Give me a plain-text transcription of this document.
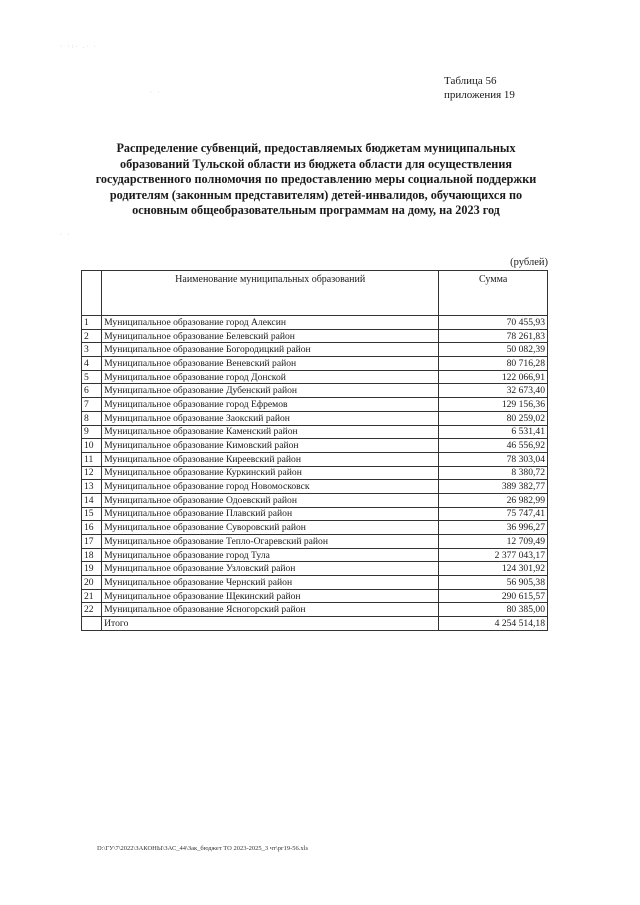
· ·:· .· ·
· ·
· ·
Таблица 56
приложения 19
Распределение субвенций, предоставляемых бюджетам муниципальных
образований Тульской области из бюджета области для осуществления
государственного полномочия по предоставлению меры социальной поддержки
родителям (законным представителям) детей-инвалидов, обучающихся по
основным общеобразовательным программам на дому, на 2023 год
(рублей)
	Наименование муниципальных образований	Сумма
1	Муниципальное образование город Алексин	70 455,93
2	Муниципальное образование Белевский район	78 261,83
3	Муниципальное образование Богородицкий район	50 082,39
4	Муниципальное образование Веневский район	80 716,28
5	Муниципальное образование город Донской	122 066,91
6	Муниципальное образование Дубенский район	32 673,40
7	Муниципальное образование город Ефремов	129 156,36
8	Муниципальное образование Заокский район	80 259,02
9	Муниципальное образование Каменский район	6 531,41
10	Муниципальное образование Кимовский район	46 556,92
11	Муниципальное образование Киреевский район	78 303,04
12	Муниципальное образование Куркинский район	8 380,72
13	Муниципальное образование город Новомосковск	389 382,77
14	Муниципальное образование Одоевский район	26 982,99
15	Муниципальное образование Плавский район	75 747,41
16	Муниципальное образование Суворовский район	36 996,27
17	Муниципальное образование Тепло-Огаревский район	12 709,49
18	Муниципальное образование город Тула	2 377 043,17
19	Муниципальное образование Узловский район	124 301,92
20	Муниципальное образование Чернский район	56 905,38
21	Муниципальное образование Щекинский район	290 615,57
22	Муниципальное образование Ясногорский район	80 385,00
	Итого	4 254 514,18
D:\ГУ\7\2022\ЗАКОНЫ\ЗАС_44\Зак_бюджет ТО 2023-2025_3 чт\рг19-56.xls
